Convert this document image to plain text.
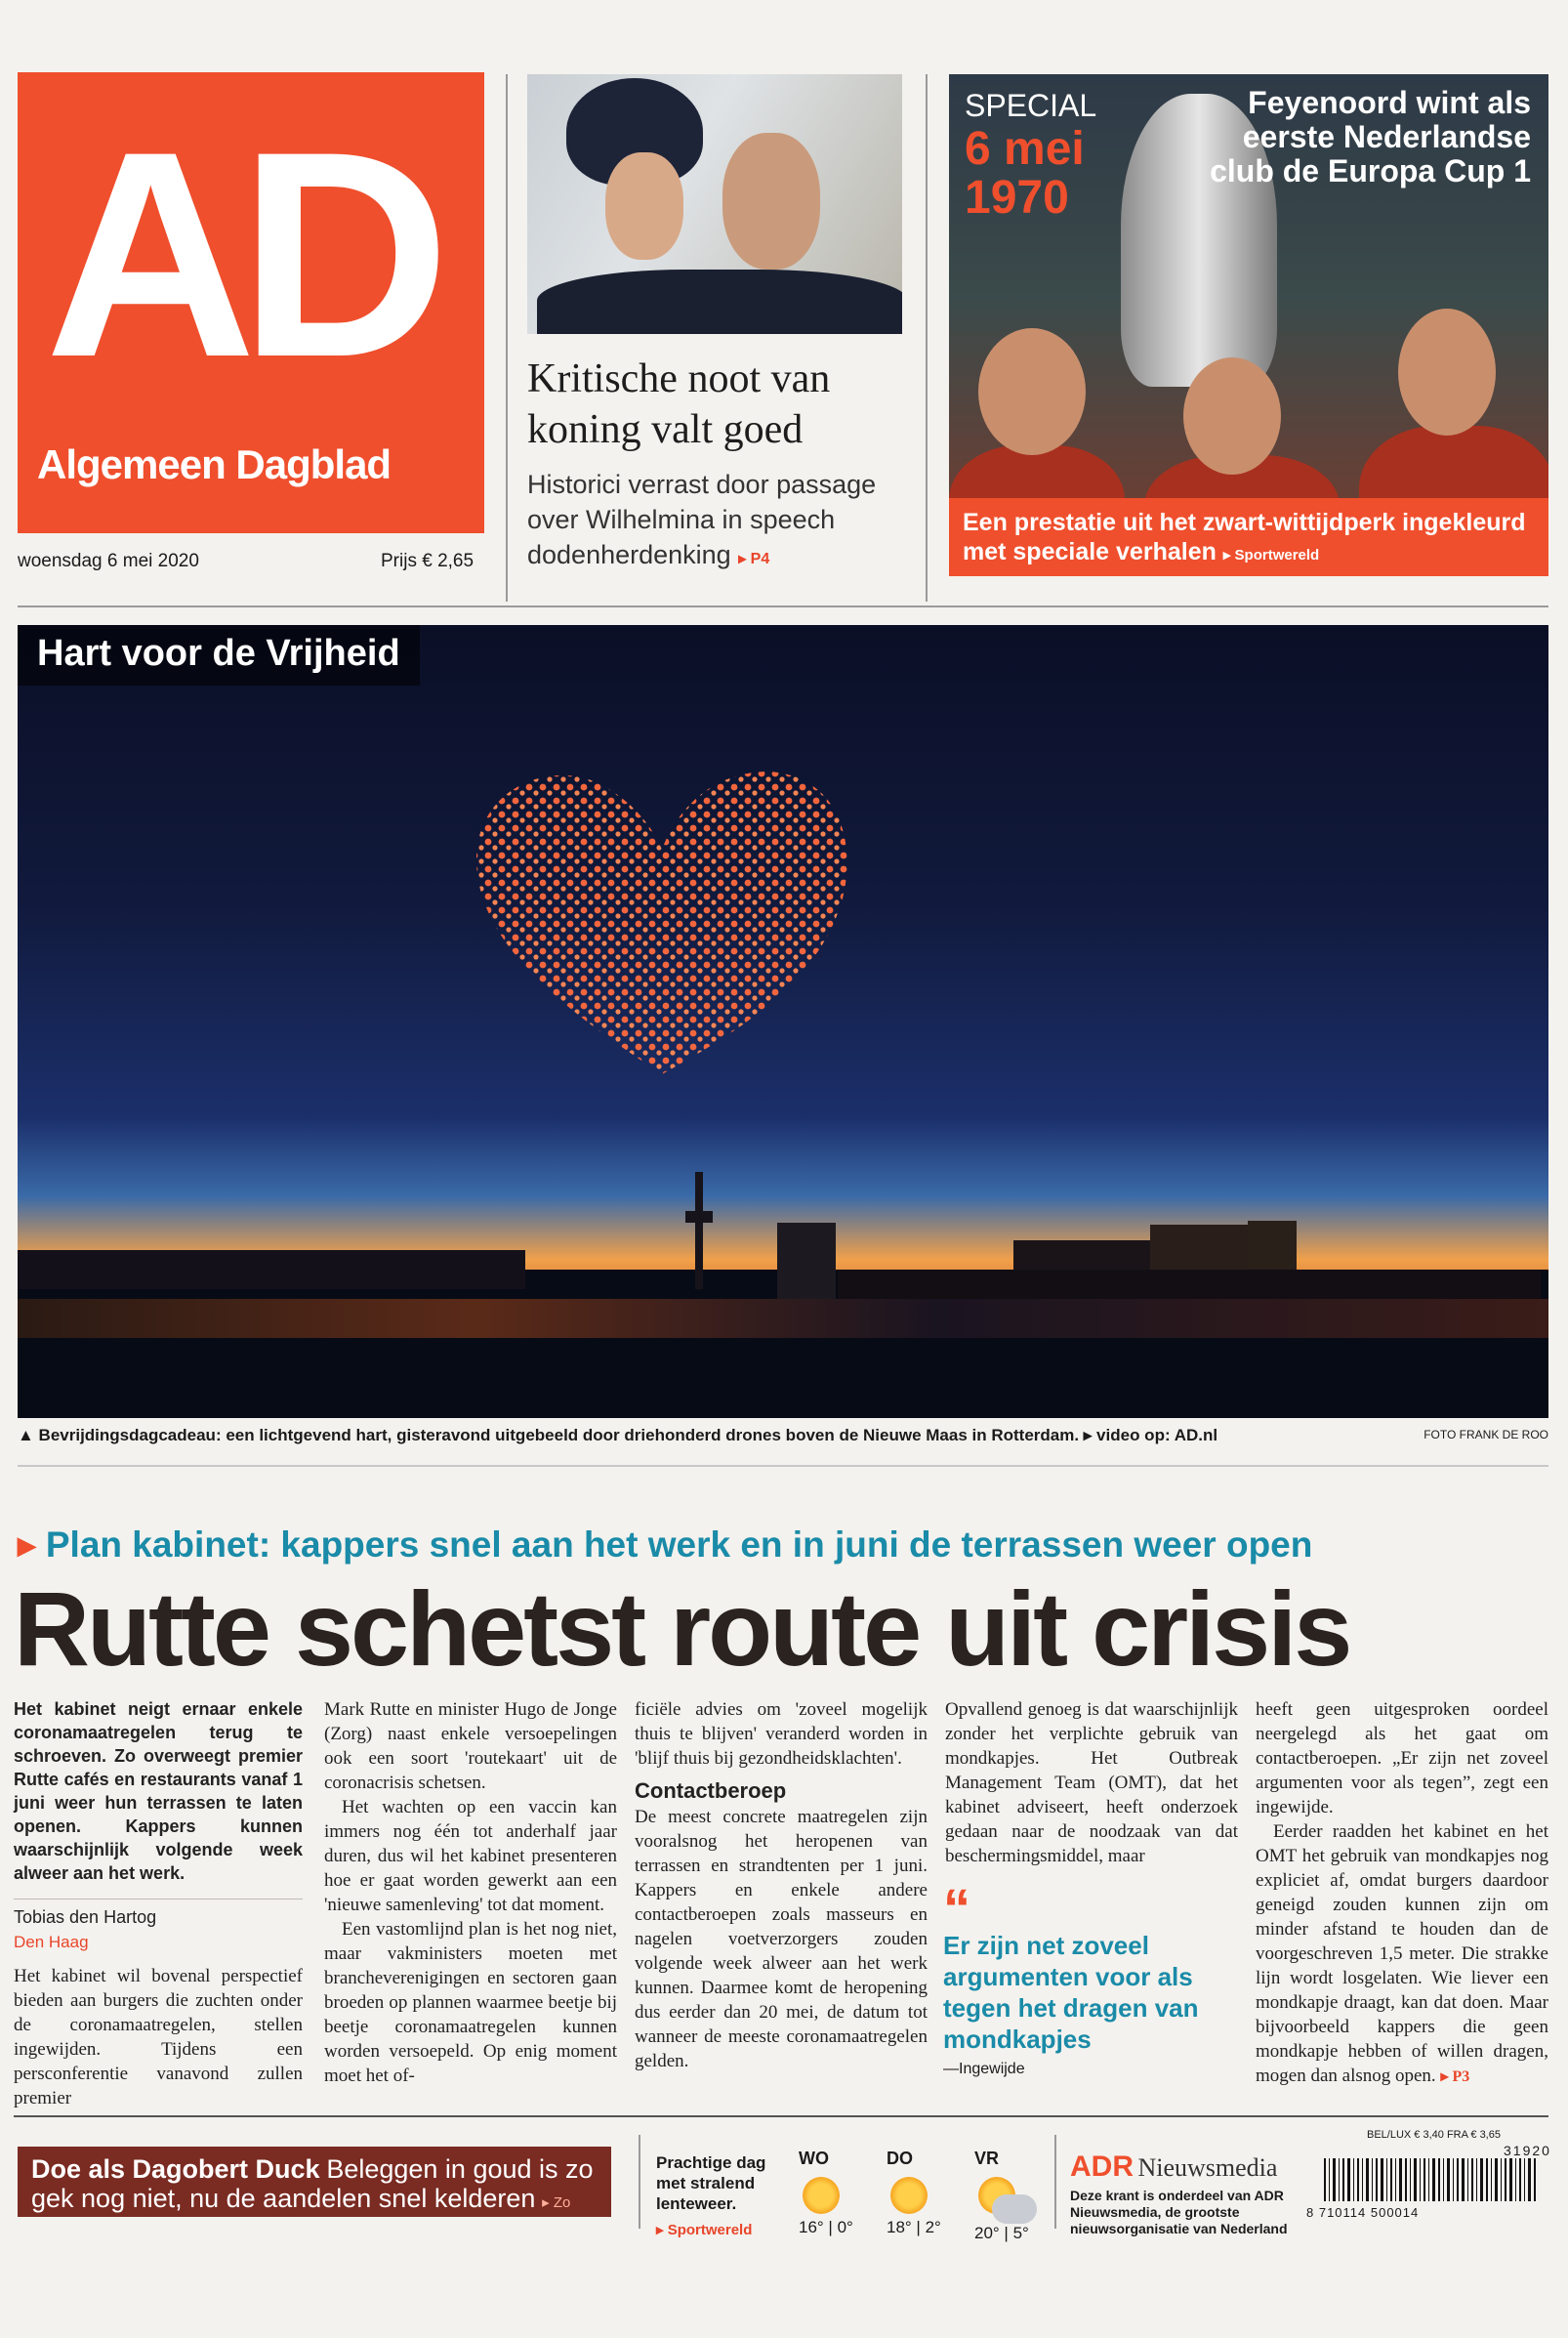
AD
Algemeen Dagblad
woensdag 6 mei 2020	Prijs € 2,65
Kritische noot van koning valt goed
Historici verrast door passage over Wilhelmina in speech dodenherdenking ▸ P4
SPECIAL
6 mei 1970
Feyenoord wint als eerste Nederlandse club de Europa Cup 1
Een prestatie uit het zwart-wittijdperk ingekleurd met speciale verhalen ▸ Sportwereld
Hart voor de Vrijheid
▲ Bevrijdingsdagcadeau: een lichtgevend hart, gisteravond uitgebeeld door driehonderd drones boven de Nieuwe Maas in Rotterdam. ▸ video op: AD.nl	FOTO FRANK DE ROO
▸ Plan kabinet: kappers snel aan het werk en in juni de terrassen weer open
Rutte schetst route uit crisis

Het kabinet neigt ernaar enkele coronamaatregelen terug te schroeven. Zo overweegt premier Rutte cafés en restaurants vanaf 1 juni weer hun terrassen te laten openen. Kappers kunnen waarschijnlijk volgende week alweer aan het werk.

Tobias den Hartog
Den Haag

Het kabinet wil bovenal perspectief bieden aan burgers die zuchten onder de coronamaatregelen, stellen ingewijden. Tijdens een persconferentie vanavond zullen premier

Mark Rutte en minister Hugo de Jonge (Zorg) naast enkele versoepelingen ook een soort 'routekaart' uit de coronacrisis schetsen.

Het wachten op een vaccin kan immers nog één tot anderhalf jaar duren, dus wil het kabinet presenteren hoe er gaat worden gewerkt aan een 'nieuwe samenleving' tot dat moment.

Een vastomlijnd plan is het nog niet, maar vakministers moeten met brancheverenigingen en sectoren gaan broeden op plannen waarmee beetje bij beetje coronamaatregelen kunnen worden versoepeld. Op enig moment moet het of-

ficiële advies om 'zoveel mogelijk thuis te blijven' veranderd worden in 'blijf thuis bij gezondheidsklachten'.

Contactberoep

De meest concrete maatregelen zijn vooralsnog het heropenen van terrassen en strandtenten per 1 juni. Kappers en enkele andere contactberoepen zoals masseurs en nagelen voetverzorgers zouden volgende week alweer aan het werk kunnen. Daarmee komt de heropening dus eerder dan 20 mei, de datum tot wanneer de meeste coronamaatregelen gelden.

Opvallend genoeg is dat waarschijnlijk zonder het verplichte gebruik van mondkapjes. Het Outbreak Management Team (OMT), dat het kabinet adviseert, heeft onderzoek gedaan naar de noodzaak van dat beschermingsmiddel, maar

“
Er zijn net zoveel argumenten voor als tegen het dragen van mondkapjes
—Ingewijde

heeft geen uitgesproken oordeel neergelegd als het gaat om contactberoepen. „Er zijn net zoveel argumenten voor als tegen”, zegt een ingewijde.

Eerder raadden het kabinet en het OMT het gebruik van mondkapjes nog expliciet af, omdat burgers daardoor geneigd zouden kunnen zijn om minder afstand te houden dan de voorgeschreven 1,5 meter. Die strakke lijn wordt losgelaten. Wie liever een mondkapje draagt, kan dat doen. Maar bijvoorbeeld kappers die geen mondkapje hebben of willen dragen, mogen dan alsnog open. ▸ P3

Doe als Dagobert Duck Beleggen in goud is zo gek nog niet, nu de aandelen snel kelderen ▸ Zo
Prachtige dag met stralend lenteweer.
▸ Sportwereld
WO
16° | 0°
DO
18° | 2°
VR
20° | 5°
ADR Nieuwsmedia
Deze krant is onderdeel van ADR Nieuwsmedia, de grootste nieuwsorganisatie van Nederland
BEL/LUX € 3,40 FRA € 3,65
31920
8 710114 500014
